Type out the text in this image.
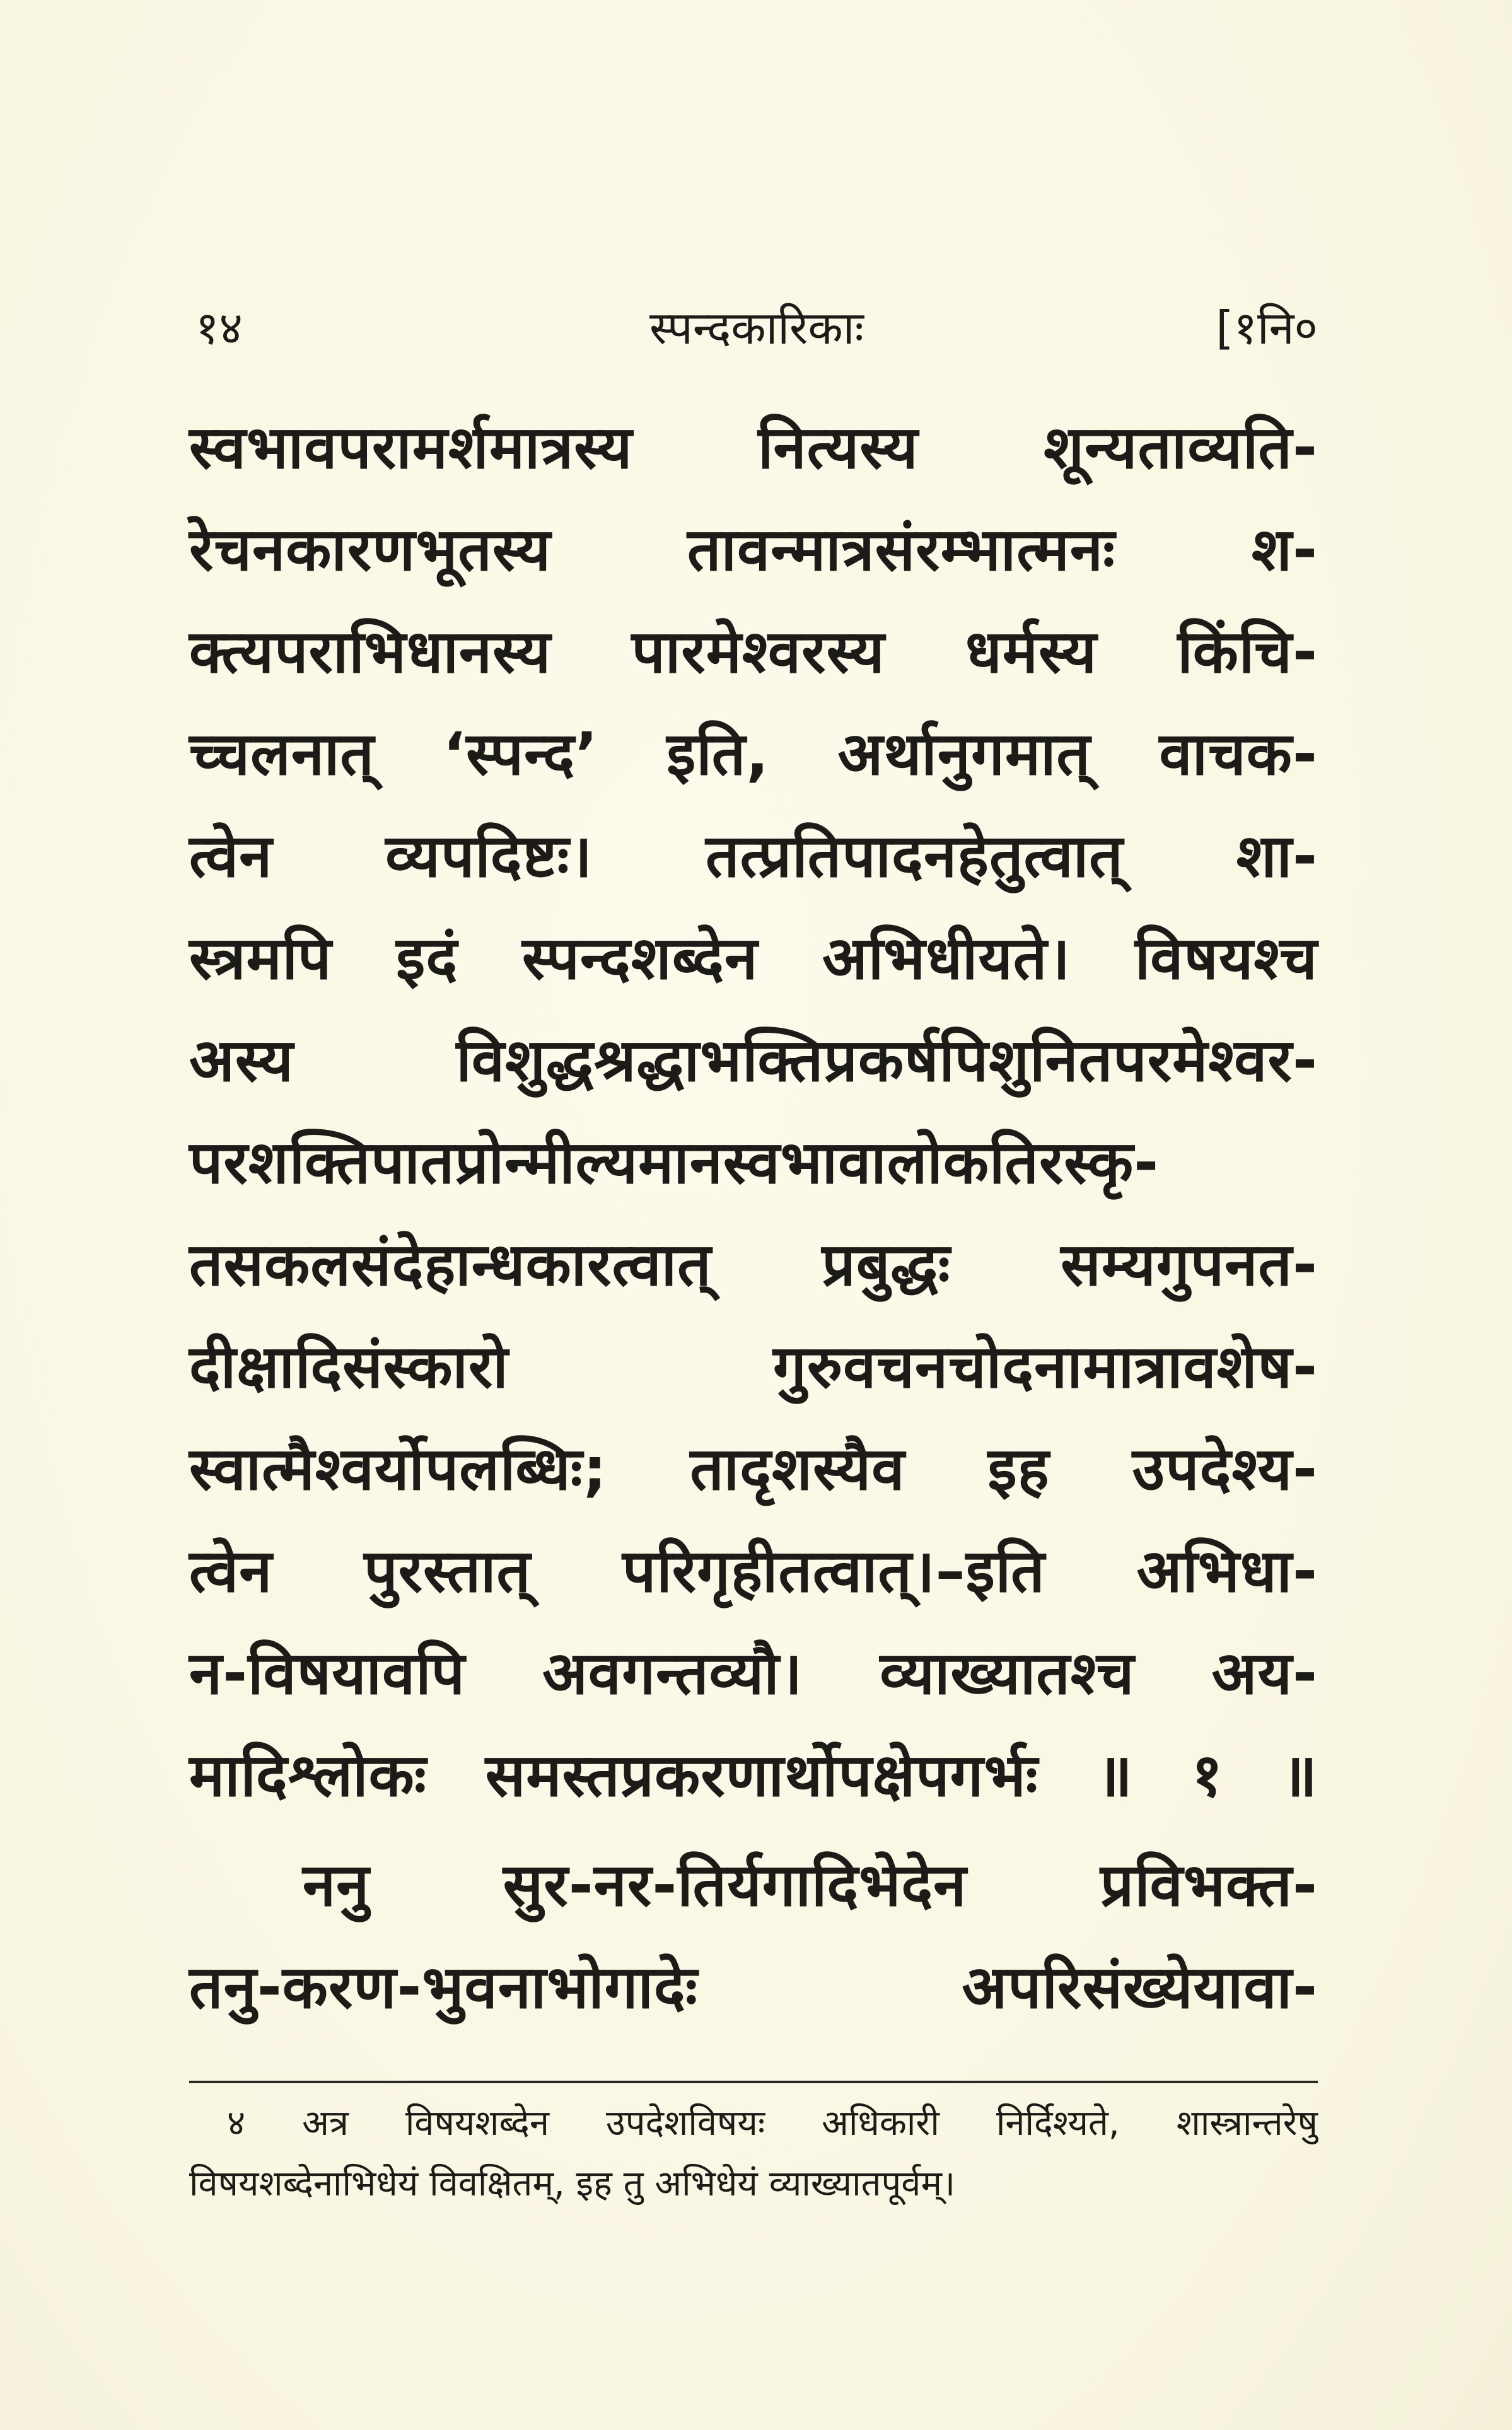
१४	स्पन्दकारिकाः	[१नि०
स्वभावपरामर्शमात्रस्य नित्यस्य शून्यताव्यति-
रेचनकारणभूतस्य तावन्मात्रसंरम्भात्मनः श-
क्त्यपराभिधानस्य पारमेश्वरस्य धर्मस्य किंचि-
च्चलनात् ‘स्पन्द’ इति, अर्थानुगमात् वाचक-
त्वेन व्यपदिष्टः। तत्प्रतिपादनहेतुत्वात् शा-
स्त्रमपि इदं स्पन्दशब्देन अभिधीयते। विषयश्च
अस्य विशुद्धश्रद्धाभक्तिप्रकर्षपिशुनितपरमेश्वर-
परशक्तिपातप्रोन्मील्यमानस्वभावालोकतिरस्कृ-
तसकलसंदेहान्धकारत्वात् प्रबुद्धः सम्यगुपनत-
दीक्षादिसंस्कारो गुरुवचनचोदनामात्रावशेष-
स्वात्मैश्वर्योपलब्धिः; तादृशस्यैव इह उपदेश्य-
त्वेन पुरस्तात् परिगृहीतत्वात्।–इति अभिधा-
न-विषयावपि अवगन्तव्यौ। व्याख्यातश्च अय-
मादिश्लोकः समस्तप्रकरणार्थोपक्षेपगर्भः ॥ १ ॥
ननु सुर-नर-तिर्यगादिभेदेन प्रविभक्त-
तनु-करण-भुवनाभोगादेः अपरिसंख्येयावा-
४ अत्र विषयशब्देन उपदेशविषयः अधिकारी निर्दिश्यते, शास्त्रान्तरेषु
विषयशब्देनाभिधेयं विवक्षितम्, इह तु अभिधेयं व्याख्यातपूर्वम्।
